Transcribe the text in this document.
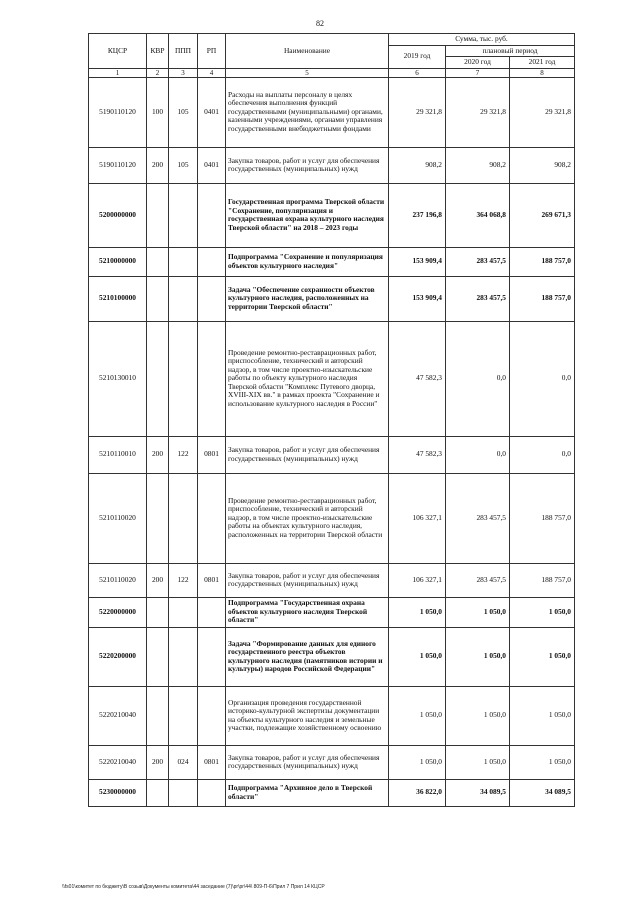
82
КЦСР	КВР	ППП	РП	Наименование	Сумма, тыс. руб.		
					2019 год	плановый период	
						2020 год	2021 год
1	2	3	4	5	6	7	8
5190110120	100	105	0401	Расходы на выплаты персоналу в целях обеспечения выполнения функций государственными (муниципальными) органами, казенными учреждениями, органами управления государственными внебюджетными фондами	29 321,8	29 321,8	29 321,8
5190110120	200	105	0401	Закупка товаров, работ и услуг для обеспечения государственных (муниципальных) нужд	908,2	908,2	908,2
5200000000				Государственная программа Тверской области "Сохранение, популяризация и государственная охрана культурного наследия Тверской области" на 2018 – 2023 годы	237 196,8	364 068,8	269 671,3
5210000000				Подпрограмма "Сохранение и популяризация объектов культурного наследия"	153 909,4	283 457,5	188 757,0
5210100000				Задача "Обеспечение сохранности объектов культурного наследия, расположенных на территории Тверской области"	153 909,4	283 457,5	188 757,0
5210130010				Проведение ремонтно-реставрационных работ, приспособление, технический и авторский надзор, в том числе проектно-изыскательские работы по объекту культурного наследия Тверской области "Комплекс Путевого дворца, XVIII-XIX вв." в рамках проекта "Сохранение и использование культурного наследия в России"	47 582,3	0,0	0,0
5210110010	200	122	0801	Закупка товаров, работ и услуг для обеспечения государственных (муниципальных) нужд	47 582,3	0,0	0,0
5210110020				Проведение ремонтно-реставрационных работ, приспособление, технический и авторский надзор, в том числе проектно-изыскательские работы на объектах культурного наследия, расположенных на территории Тверской области	106 327,1	283 457,5	188 757,0
5210110020	200	122	0801	Закупка товаров, работ и услуг для обеспечения государственных (муниципальных) нужд	106 327,1	283 457,5	188 757,0
5220000000				Подпрограмма "Государственная охрана объектов культурного наследия Тверской области"	1 050,0	1 050,0	1 050,0
5220200000				Задача "Формирование данных для единого государственного реестра объектов культурного наследия (памятников истории и культуры) народов Российской Федерации"	1 050,0	1 050,0	1 050,0
5220210040				Организация проведения государственной историко-культурной экспертизы документации на объекты культурного наследия и земельные участки, подлежащие хозяйственному освоению	1 050,0	1 050,0	1 050,0
5220210040	200	024	0801	Закупка товаров, работ и услуг для обеспечения государственных (муниципальных) нужд	1 050,0	1 050,0	1 050,0
5230000000				Подпрограмма "Архивное дело в Тверской области"	36 822,0	34 089,5	34 089,5
\\fs01\комитет по бюджету\В созыв\Документы комитета\44 заседание (7)\pr\pr\44\ 809-П-6\Прил 7 Прил 14 КЦСР
